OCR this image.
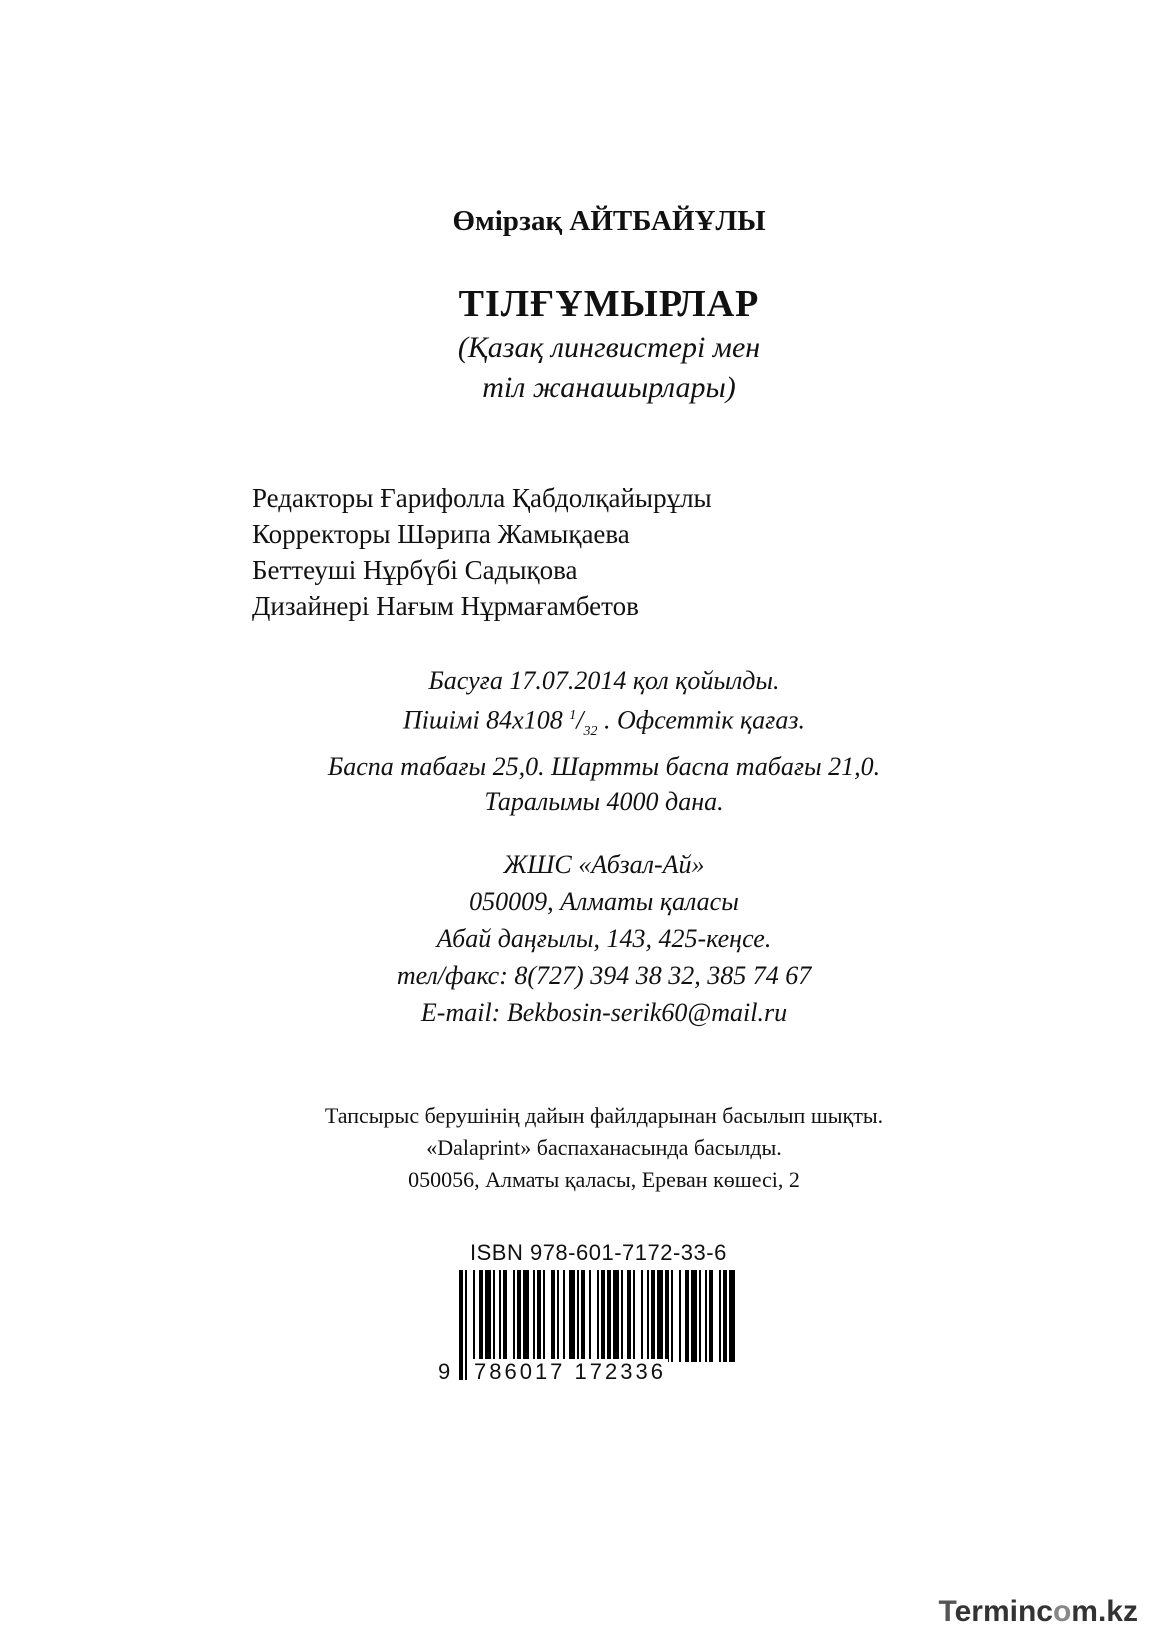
Өмірзақ АЙТБАЙҰЛЫ
ТІЛҒҰМЫРЛАР
(Қазақ лингвистері мен
тіл жанашырлары)
Редакторы Ғарифолла Қабдолқайырұлы
Корректоры Шәрипа Жамықаева
Беттеуші Нұрбүбі Садықова
Дизайнері Нағым Нұрмағамбетов
Басуға 17.07.2014 қол қойылды.
Пішімі 84х108 $^1/_{32}$ . Офсеттік қағаз.
Баспа табағы 25,0. Шартты баспа табағы 21,0.
Таралымы 4000 дана.
ЖШС «Абзал-Ай»
050009, Алматы қаласы
Абай даңғылы, 143, 425-кеңсе.
тел/факс: 8(727) 394 38 32, 385 74 67
E-mail: Bekbosin-serik60@mail.ru
Тапсырыс берушінің дайын файлдарынан басылып шықты.
«Dalaprint» баспаханасында басылды.
050056, Алматы қаласы, Ереван көшесі, 2
ISBN 978-601-7172-33-6
9 786017 172336
Termincom.kz
